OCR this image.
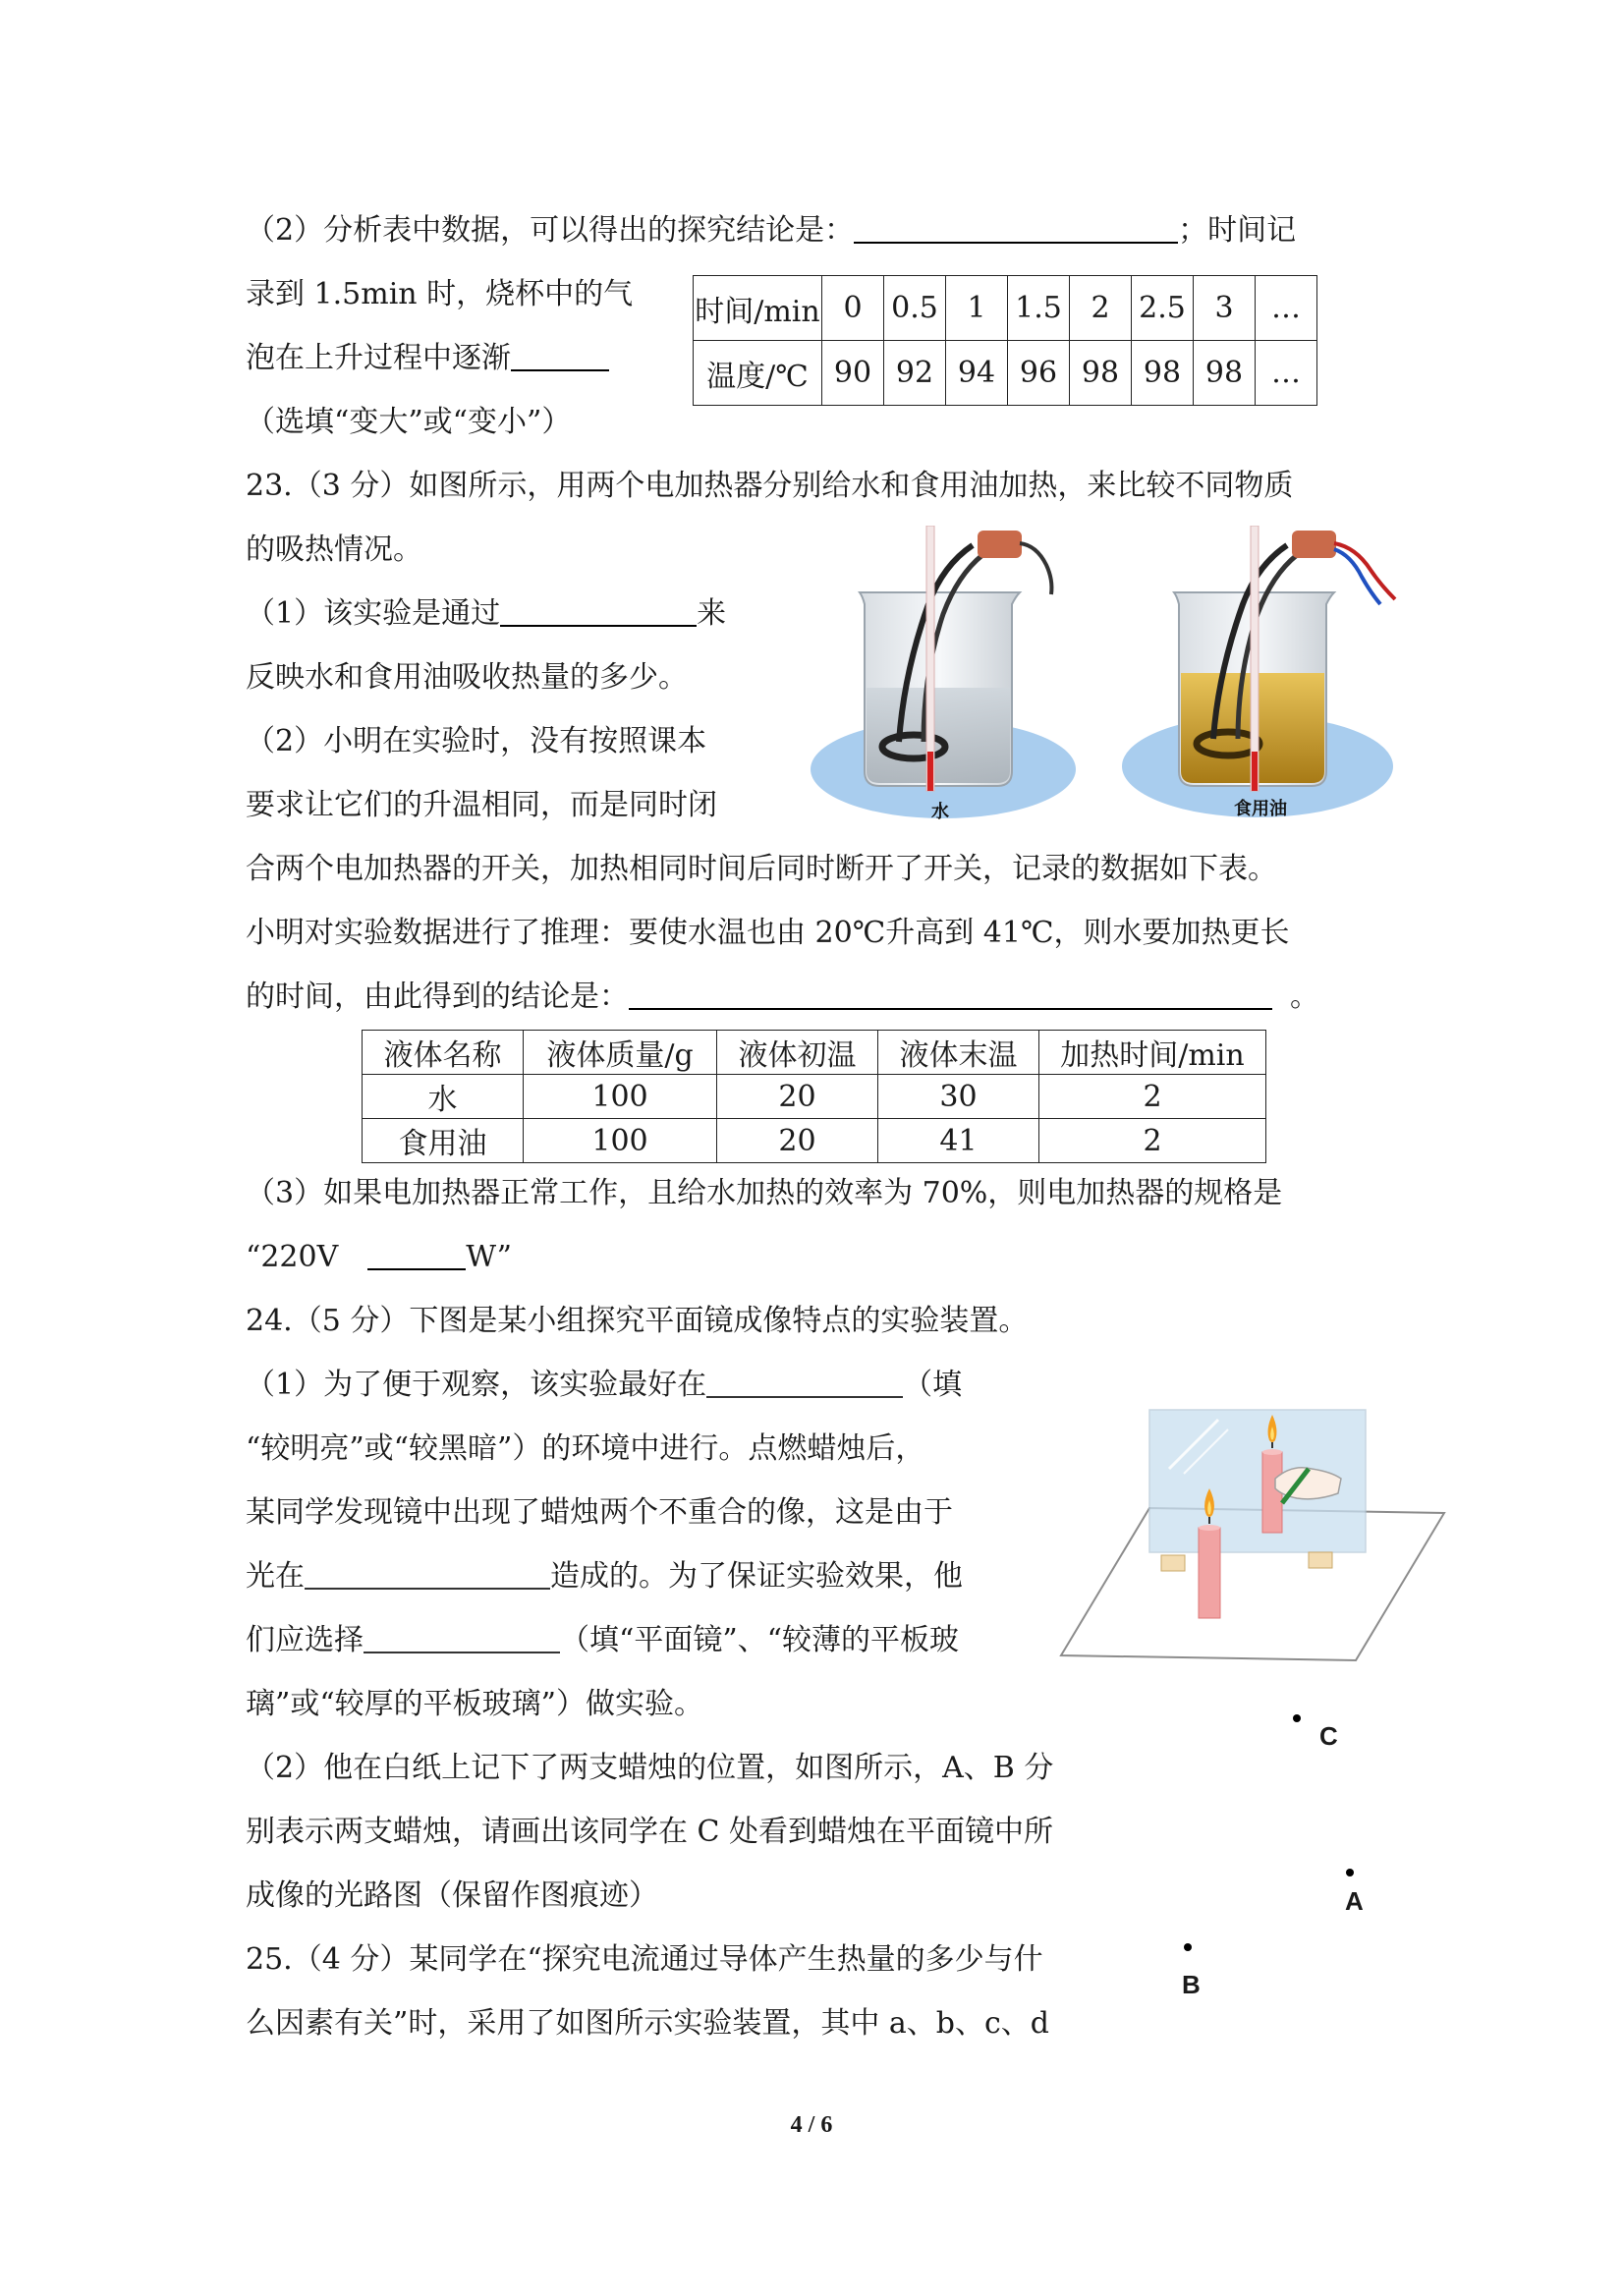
（2）分析表中数据，可以得出的探究结论是：	；时间记
录到 1.5min 时，烧杯中的气
泡在上升过程中逐渐
（选填“变大”或“变小”）
时间/min	0	0.5	1	1.5	2	2.5	3	…
温度/℃	90	92	94	96	98	98	98	…
23.（3 分）如图所示，用两个电加热器分别给水和食用油加热，来比较不同物质
的吸热情况。
（1）该实验是通过	来
反映水和食用油吸收热量的多少。
（2）小明在实验时，没有按照课本
要求让它们的升温相同，而是同时闭	水	食用油
合两个电加热器的开关，加热相同时间后同时断开了开关，记录的数据如下表。
小明对实验数据进行了推理：要使水温也由 20℃升高到 41℃，则水要加热更长
的时间，由此得到的结论是：	。
液体名称	液体质量/g	液体初温	液体末温	加热时间/min
水	100	20	30	2
食用油	100	20	41	2
（3）如果电加热器正常工作，且给水加热的效率为 70%，则电加热器的规格是
“220V	W”
24.（5 分）下图是某小组探究平面镜成像特点的实验装置。
（1）为了便于观察，该实验最好在	（填
“较明亮”或“较黑暗”）的环境中进行。点燃蜡烛后，
某同学发现镜中出现了蜡烛两个不重合的像，这是由于
光在	造成的。为了保证实验效果，他
们应选择	（填“平面镜”、“较薄的平板玻
璃”或“较厚的平板玻璃”）做实验。
（2）他在白纸上记下了两支蜡烛的位置，如图所示，A、B 分
别表示两支蜡烛，请画出该同学在 C 处看到蜡烛在平面镜中所
成像的光路图（保留作图痕迹）
C
A
B
25.（4 分）某同学在“探究电流通过导体产生热量的多少与什
么因素有关”时，采用了如图所示实验装置，其中 a、b、c、d
4 / 6
